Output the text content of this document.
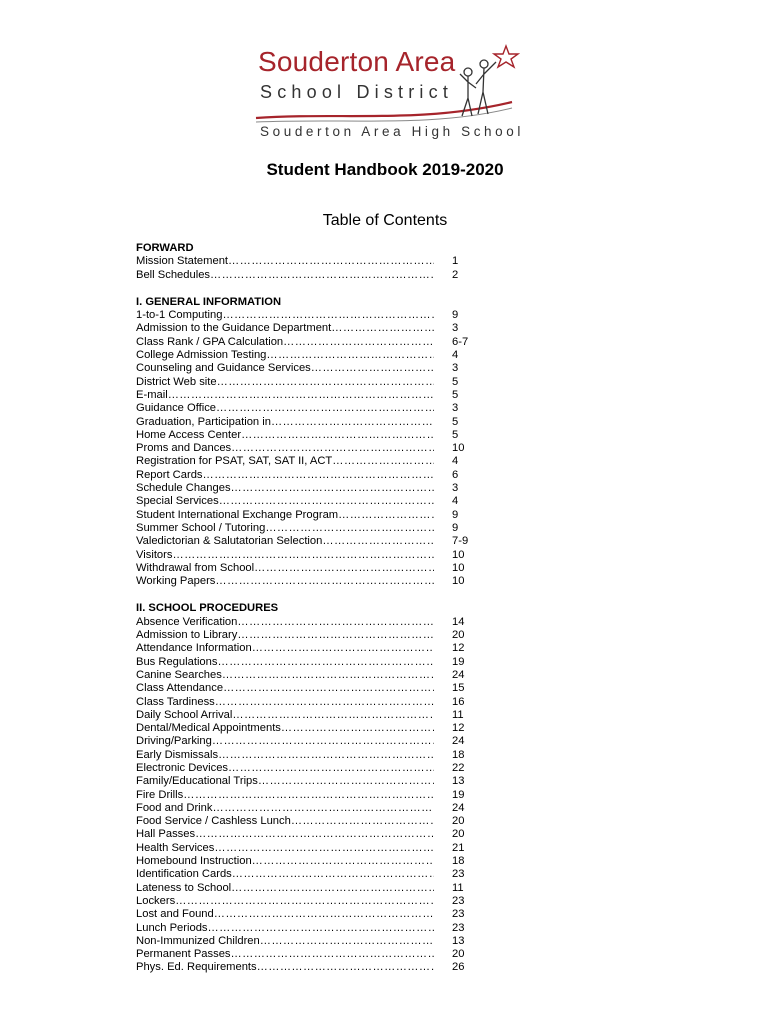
Souderton Area
School District
Souderton Area High School
Student Handbook 2019-2020
Table of Contents
FORWARD
Mission Statement ……………………………………………………………………………………………………………………	1
Bell Schedules ……………………………………………………………………………………………………………………	2
I. GENERAL INFORMATION
1-to-1 Computing ……………………………………………………………………………………………………………………	9
Admission to the Guidance Department ……………………………………………………………………………………………………………………	3
Class Rank / GPA Calculation ……………………………………………………………………………………………………………………	6-7
College Admission Testing ……………………………………………………………………………………………………………………	4
Counseling and Guidance Services ……………………………………………………………………………………………………………………	3
District Web site ……………………………………………………………………………………………………………………	5
E-mail ……………………………………………………………………………………………………………………	5
Guidance Office ……………………………………………………………………………………………………………………	3
Graduation, Participation in ……………………………………………………………………………………………………………………	5
Home Access Center ……………………………………………………………………………………………………………………	5
Proms and Dances ……………………………………………………………………………………………………………………	10
Registration for PSAT, SAT, SAT II, ACT ……………………………………………………………………………………………………………………	4
Report Cards ……………………………………………………………………………………………………………………	6
Schedule Changes ……………………………………………………………………………………………………………………	3
Special Services ……………………………………………………………………………………………………………………	4
Student International Exchange Program ……………………………………………………………………………………………………………………	9
Summer School / Tutoring ……………………………………………………………………………………………………………………	9
Valedictorian & Salutatorian Selection ……………………………………………………………………………………………………………………	7-9
Visitors ……………………………………………………………………………………………………………………	10
Withdrawal from School ……………………………………………………………………………………………………………………	10
Working Papers ……………………………………………………………………………………………………………………	10
II. SCHOOL PROCEDURES
Absence Verification ……………………………………………………………………………………………………………………	14
Admission to Library ……………………………………………………………………………………………………………………	20
Attendance Information ……………………………………………………………………………………………………………………	12
Bus Regulations ……………………………………………………………………………………………………………………	19
Canine Searches ……………………………………………………………………………………………………………………	24
Class Attendance ……………………………………………………………………………………………………………………	15
Class Tardiness ……………………………………………………………………………………………………………………	16
Daily School Arrival ……………………………………………………………………………………………………………………	11
Dental/Medical Appointments ……………………………………………………………………………………………………………………	12
Driving/Parking ……………………………………………………………………………………………………………………	24
Early Dismissals ……………………………………………………………………………………………………………………	18
Electronic Devices ……………………………………………………………………………………………………………………	22
Family/Educational Trips ……………………………………………………………………………………………………………………	13
Fire Drills ……………………………………………………………………………………………………………………	19
Food and Drink ……………………………………………………………………………………………………………………	24
Food Service / Cashless Lunch ……………………………………………………………………………………………………………………	20
Hall Passes ……………………………………………………………………………………………………………………	20
Health Services ……………………………………………………………………………………………………………………	21
Homebound Instruction ……………………………………………………………………………………………………………………	18
Identification Cards ……………………………………………………………………………………………………………………	23
Lateness to School ……………………………………………………………………………………………………………………	11
Lockers ……………………………………………………………………………………………………………………	23
Lost and Found ……………………………………………………………………………………………………………………	23
Lunch Periods ……………………………………………………………………………………………………………………	23
Non-Immunized Children ……………………………………………………………………………………………………………………	13
Permanent Passes ……………………………………………………………………………………………………………………	20
Phys. Ed. Requirements ……………………………………………………………………………………………………………………	26
